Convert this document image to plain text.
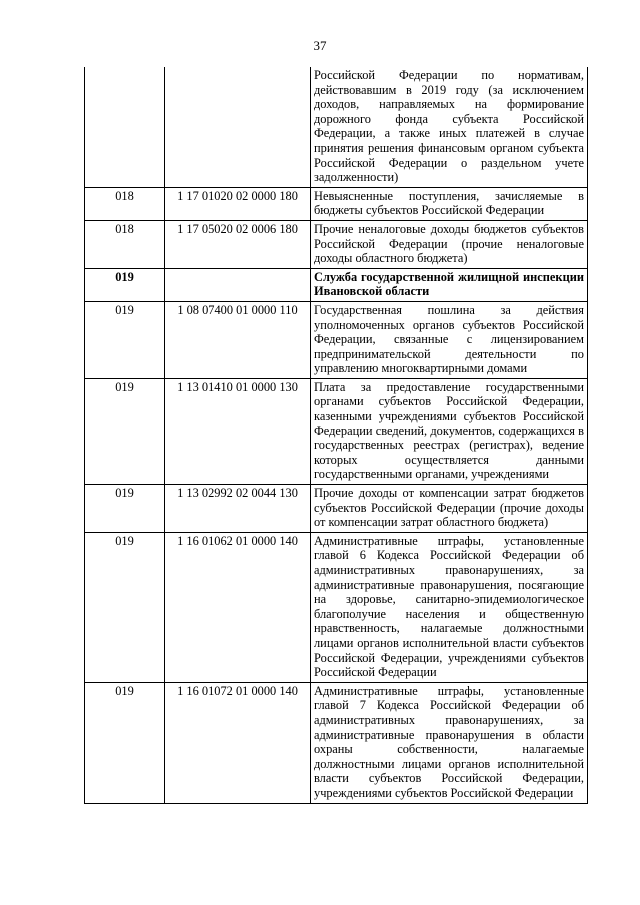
37
		Российской Федерации по нормативам, действовавшим в 2019 году (за исключением доходов, направляемых на формирование дорожного фонда субъекта Российской Федерации, а также иных платежей в случае принятия решения финансовым органом субъекта Российской Федерации о раздельном учете задолженности)
018	1 17 01020 02 0000 180	Невыясненные поступления, зачисляемые в бюджеты субъектов Российской Федерации
018	1 17 05020 02 0006 180	Прочие неналоговые доходы бюджетов субъектов Российской Федерации (прочие неналоговые доходы областного бюджета)
019		Служба государственной жилищной инспекции Ивановской области
019	1 08 07400 01 0000 110	Государственная пошлина за действия уполномоченных органов субъектов Российской Федерации, связанные с лицензированием предпринимательской деятельности по управлению многоквартирными домами
019	1 13 01410 01 0000 130	Плата за предоставление государственными органами субъектов Российской Федерации, казенными учреждениями субъектов Российской Федерации сведений, документов, содержащихся в государственных реестрах (регистрах), ведение которых осуществляется данными государственными органами, учреждениями
019	1 13 02992 02 0044 130	Прочие доходы от компенсации затрат бюджетов субъектов Российской Федерации (прочие доходы от компенсации затрат областного бюджета)
019	1 16 01062 01 0000 140	Административные штрафы, установленные главой 6 Кодекса Российской Федерации об административных правонарушениях, за административные правонарушения, посягающие на здоровье, санитарно-эпидемиологическое благополучие населения и общественную нравственность, налагаемые должностными лицами органов исполнительной власти субъектов Российской Федерации, учреждениями субъектов Российской Федерации
019	1 16 01072 01 0000 140	Административные штрафы, установленные главой 7 Кодекса Российской Федерации об административных правонарушениях, за административные правонарушения в области охраны собственности, налагаемые должностными лицами органов исполнительной власти субъектов Российской Федерации, учреждениями субъектов Российской Федерации
